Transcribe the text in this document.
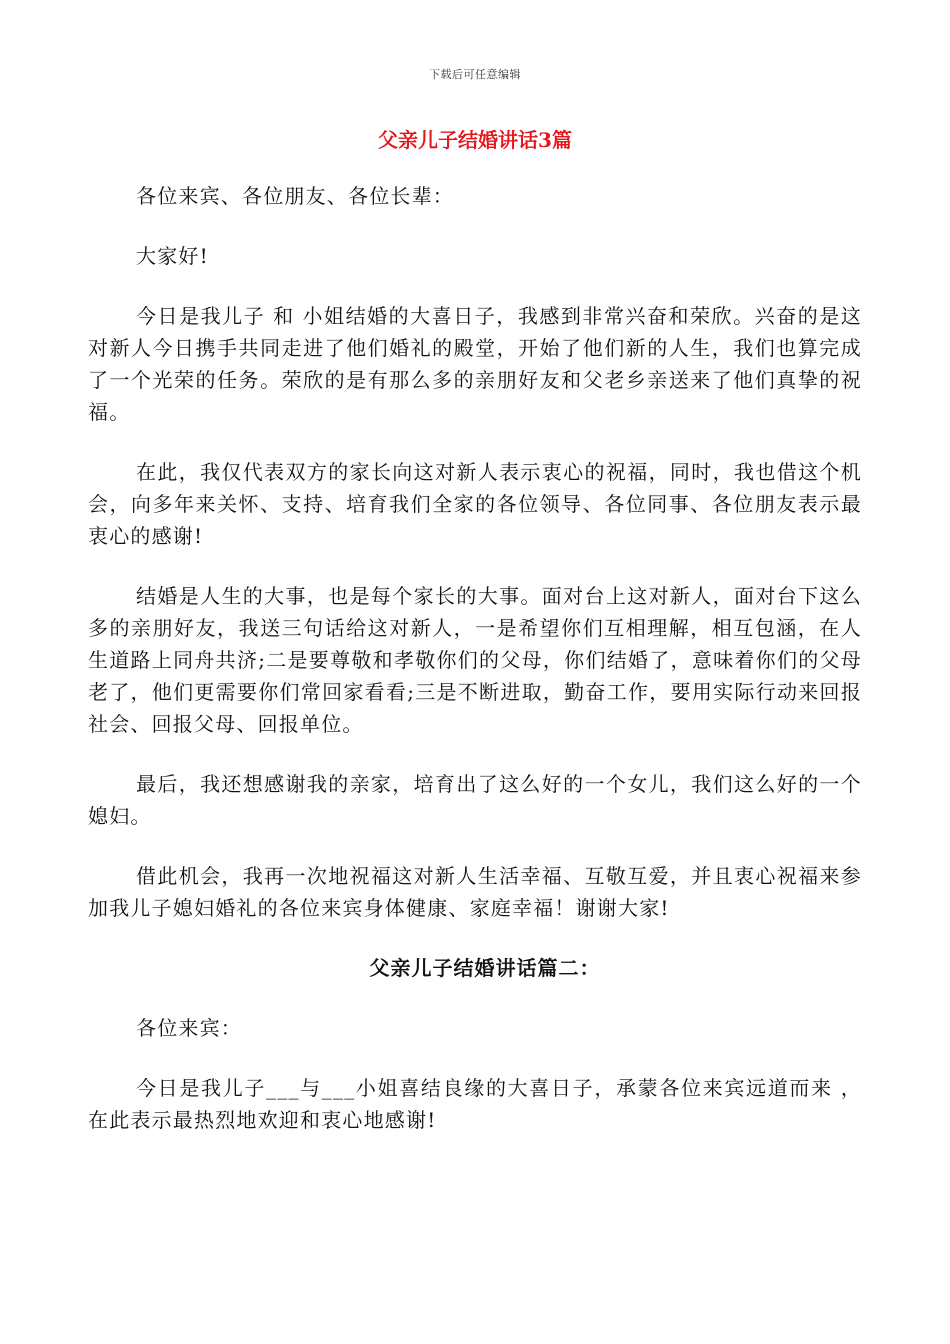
下载后可任意编辑
父亲儿子结婚讲话3篇

各位来宾、各位朋友、各位长辈：

大家好!

今日是我儿子 和 小姐结婚的大喜日子，我感到非常兴奋和荣欣。兴奋的是这对新人今日携手共同走进了他们婚礼的殿堂，开始了他们新的人生，我们也算完成了一个光荣的任务。荣欣的是有那么多的亲朋好友和父老乡亲送来了他们真挚的祝福。

在此，我仅代表双方的家长向这对新人表示衷心的祝福，同时，我也借这个机会，向多年来关怀、支持、培育我们全家的各位领导、各位同事、各位朋友表示最衷心的感谢!

结婚是人生的大事，也是每个家长的大事。面对台上这对新人，面对台下这么多的亲朋好友，我送三句话给这对新人，一是希望你们互相理解，相互包涵，在人生道路上同舟共济;二是要尊敬和孝敬你们的父母，你们结婚了，意味着你们的父母老了，他们更需要你们常回家看看;三是不断进取，勤奋工作，要用实际行动来回报社会、回报父母、回报单位。

最后，我还想感谢我的亲家，培育出了这么好的一个女儿，我们这么好的一个媳妇。

借此机会，我再一次地祝福这对新人生活幸福、互敬互爱，并且衷心祝福来参加我儿子媳妇婚礼的各位来宾身体健康、家庭幸福！谢谢大家!

父亲儿子结婚讲话篇二：

各位来宾：

今日是我儿子___与___小姐喜结良缘的大喜日子，承蒙各位来宾远道而来 ，在此表示最热烈地欢迎和衷心地感谢!
